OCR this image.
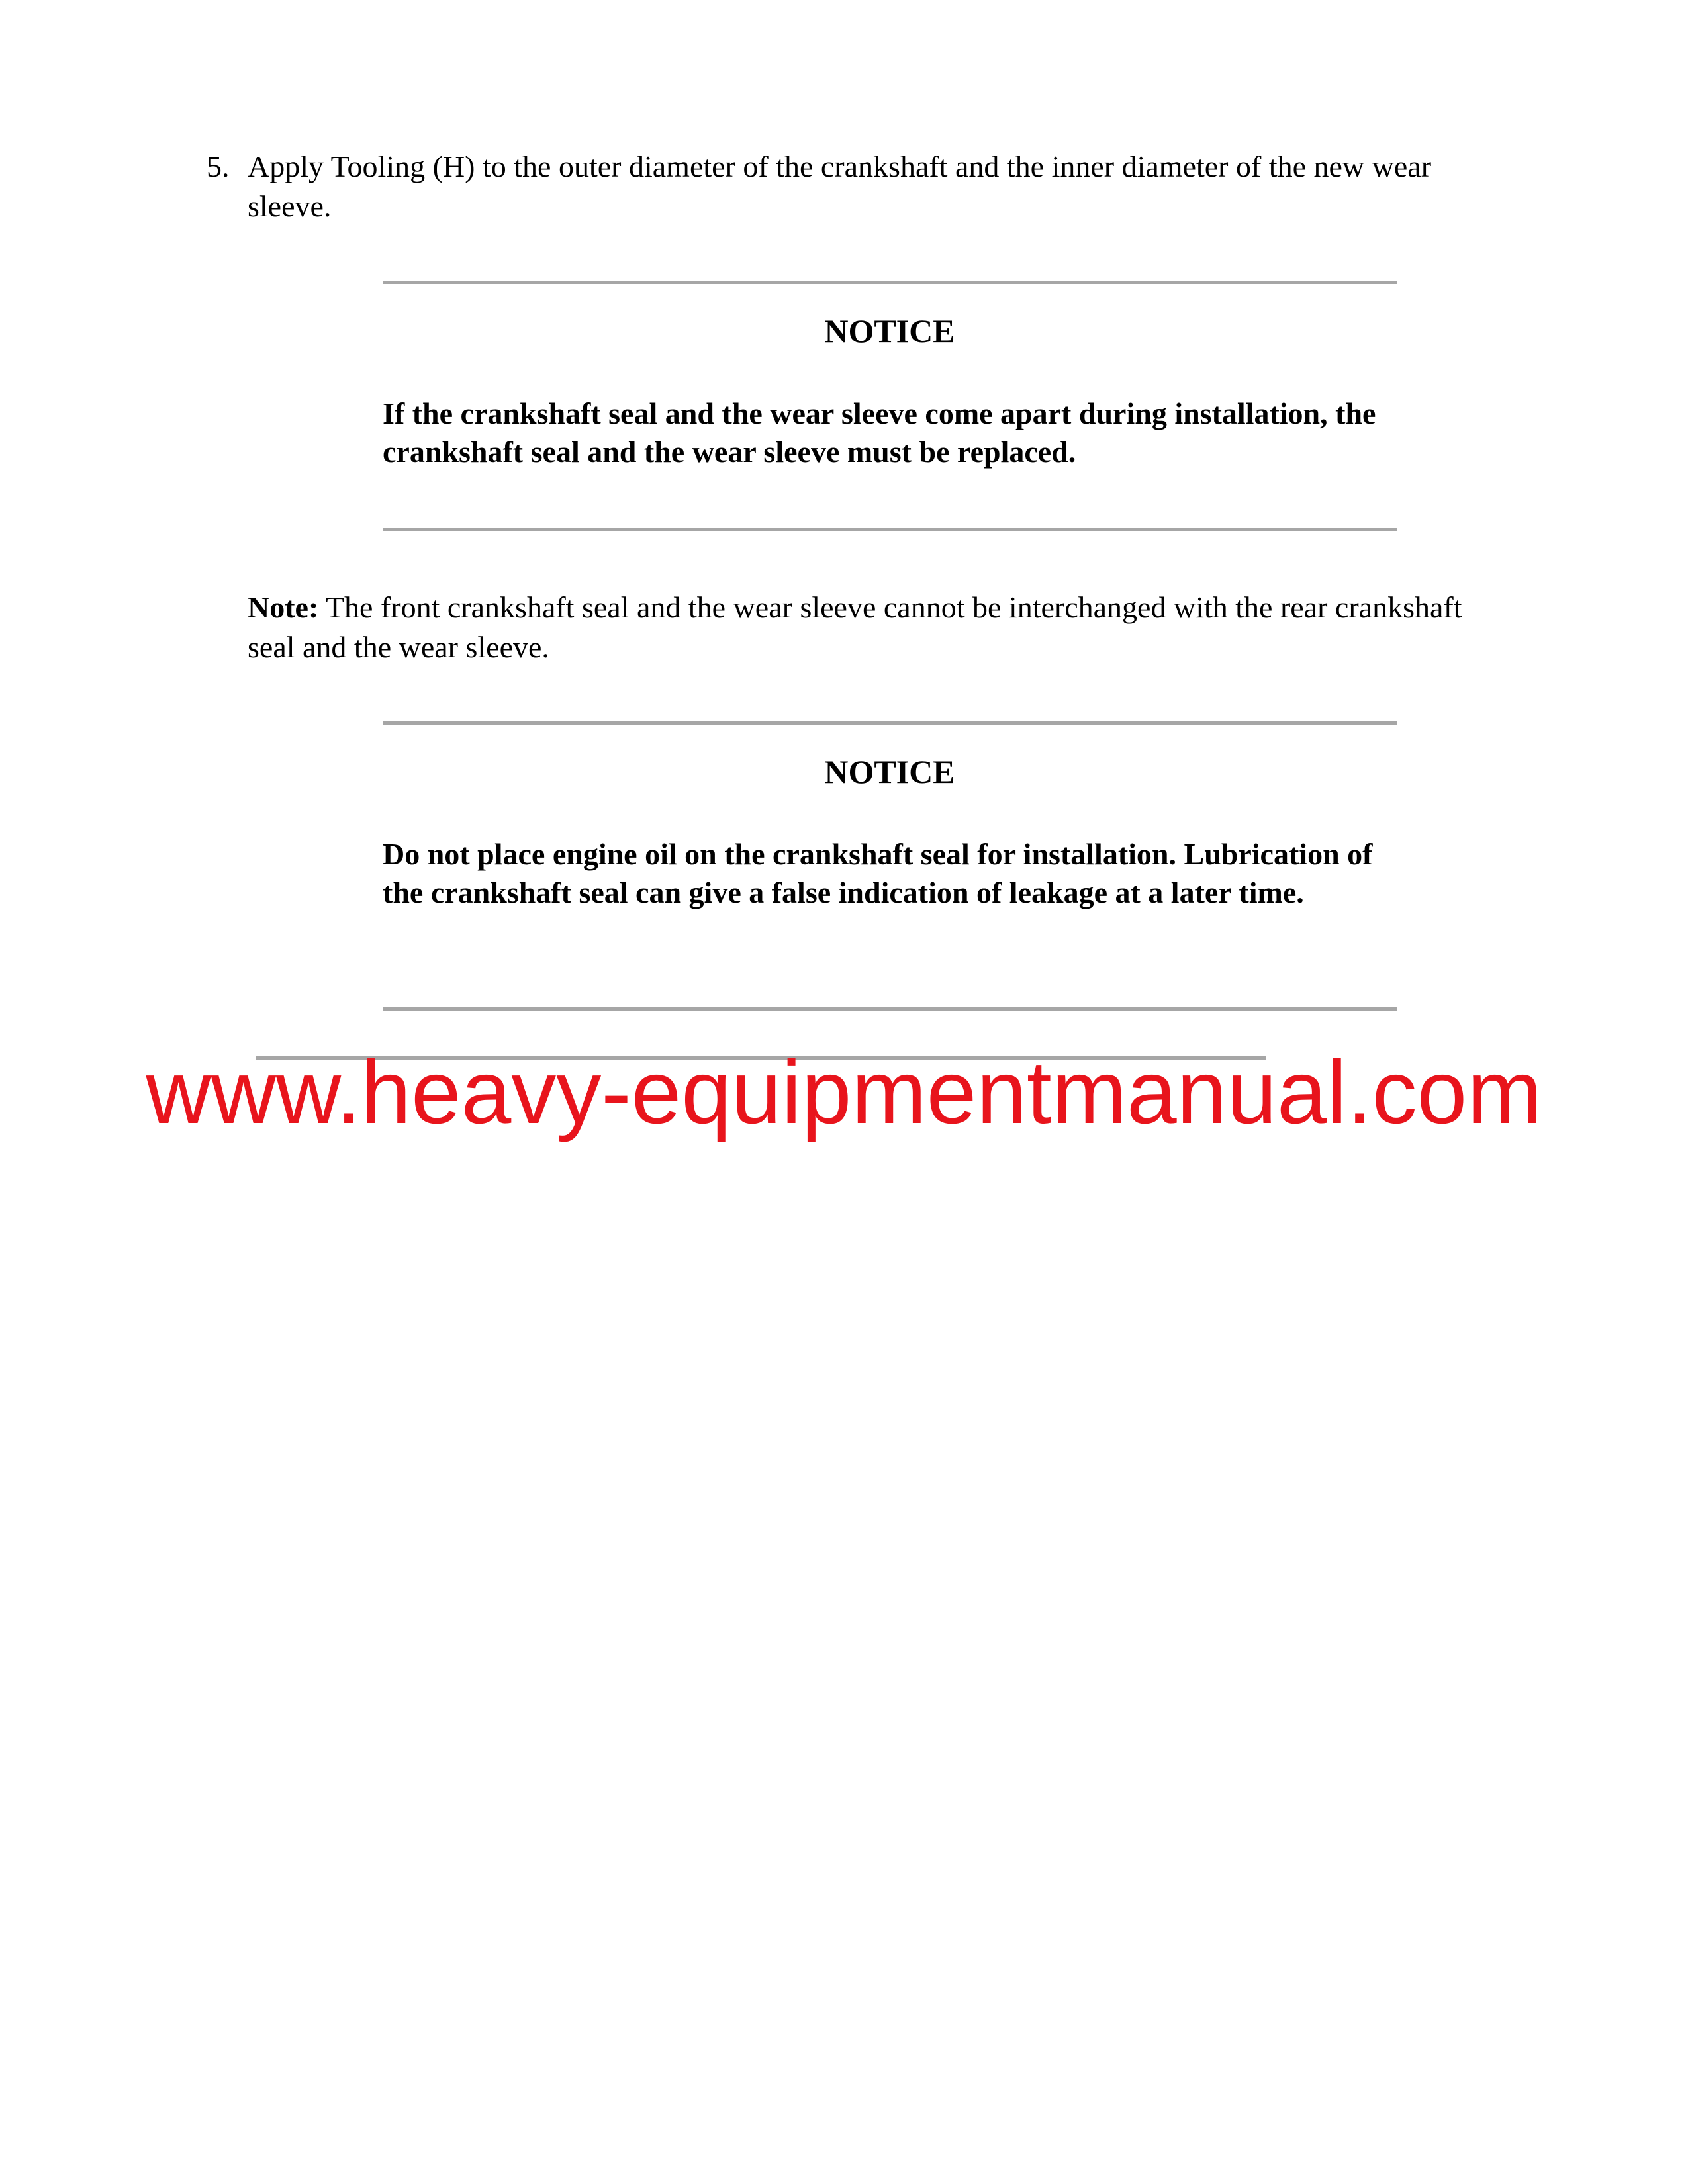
5. Apply Tooling (H) to the outer diameter of the crankshaft and the inner diameter of the new wear sleeve.
NOTICE
If the crankshaft seal and the wear sleeve come apart during installation, the crankshaft seal and the wear sleeve must be replaced.
Note: The front crankshaft seal and the wear sleeve cannot be interchanged with the rear crankshaft seal and the wear sleeve.
NOTICE
Do not place engine oil on the crankshaft seal for installation. Lubrication of the crankshaft seal can give a false indication of leakage at a later time.
www.heavy-equipmentmanual.com
